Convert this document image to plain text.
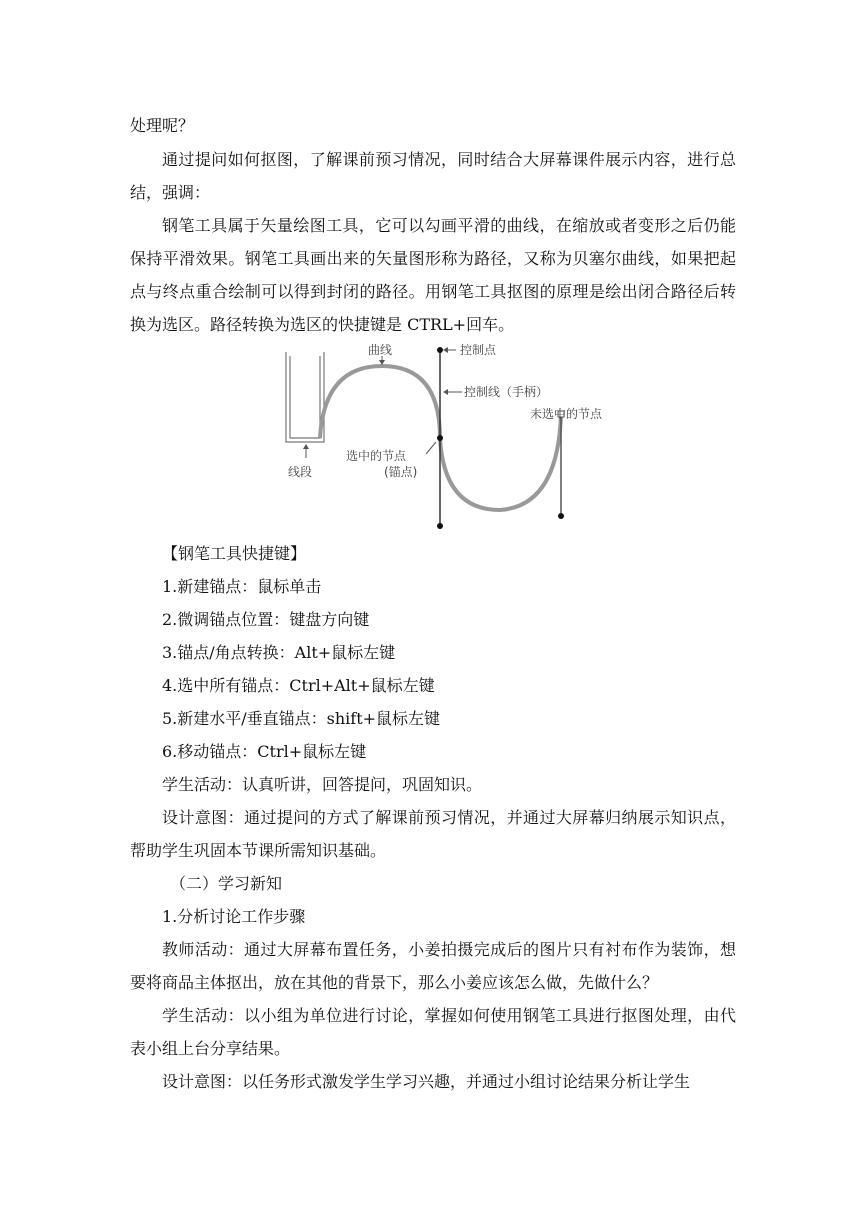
处理呢？

通过提问如何抠图，了解课前预习情况，同时结合大屏幕课件展示内容，进行总结，强调：

钢笔工具属于矢量绘图工具，它可以勾画平滑的曲线，在缩放或者变形之后仍能保持平滑效果。钢笔工具画出来的矢量图形称为路径，又称为贝塞尔曲线，如果把起点与终点重合绘制可以得到封闭的路径。用钢笔工具抠图的原理是绘出闭合路径后转换为选区。路径转换为选区的快捷键是 CTRL+回车。

曲线	控制点
控制线（手柄）
未选中的节点
选中的节点
(锚点)
线段

【钢笔工具快捷键】

1.新建锚点：鼠标单击

2.微调锚点位置：键盘方向键

3.锚点/角点转换：Alt+鼠标左键

4.选中所有锚点：Ctrl+Alt+鼠标左键

5.新建水平/垂直锚点：shift+鼠标左键

6.移动锚点：Ctrl+鼠标左键

学生活动：认真听讲，回答提问，巩固知识。

设计意图：通过提问的方式了解课前预习情况，并通过大屏幕归纳展示知识点，帮助学生巩固本节课所需知识基础。

（二）学习新知

1.分析讨论工作步骤

教师活动：通过大屏幕布置任务，小姜拍摄完成后的图片只有衬布作为装饰，想要将商品主体抠出，放在其他的背景下，那么小姜应该怎么做，先做什么？

学生活动：以小组为单位进行讨论，掌握如何使用钢笔工具进行抠图处理，由代表小组上台分享结果。

设计意图：以任务形式激发学生学习兴趣，并通过小组讨论结果分析让学生
